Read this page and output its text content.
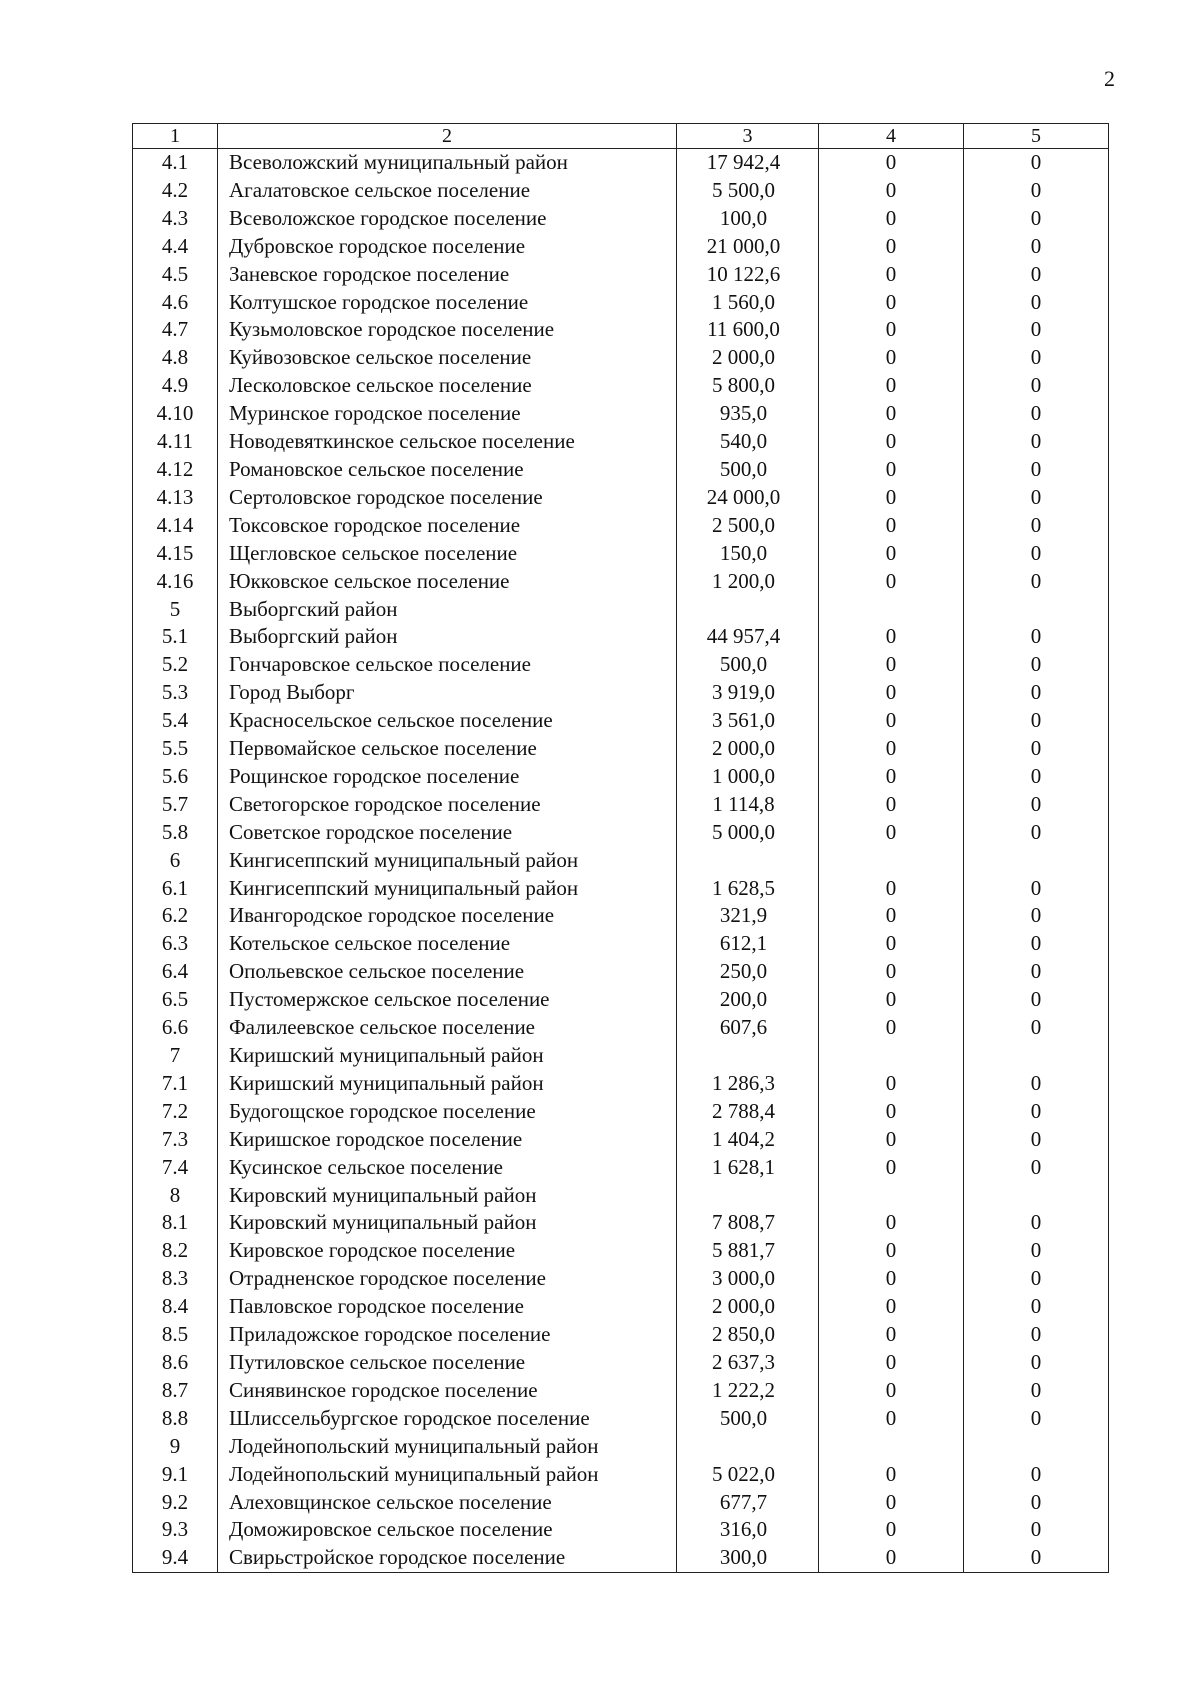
2
1	2	3	4	5
4.1	Всеволожский муниципальный район	17 942,4	0	0
4.2	Агалатовское сельское поселение	5 500,0	0	0
4.3	Всеволожское городское поселение	100,0	0	0
4.4	Дубровское городское поселение	21 000,0	0	0
4.5	Заневское городское поселение	10 122,6	0	0
4.6	Колтушское городское поселение	1 560,0	0	0
4.7	Кузьмоловское городское поселение	11 600,0	0	0
4.8	Куйвозовское сельское поселение	2 000,0	0	0
4.9	Лесколовское сельское поселение	5 800,0	0	0
4.10	Муринское городское поселение	935,0	0	0
4.11	Новодевяткинское сельское поселение	540,0	0	0
4.12	Романовское сельское поселение	500,0	0	0
4.13	Сертоловское городское поселение	24 000,0	0	0
4.14	Токсовское городское поселение	2 500,0	0	0
4.15	Щегловское сельское поселение	150,0	0	0
4.16	Юкковское сельское поселение	1 200,0	0	0
5	Выборгский район			
5.1	Выборгский район	44 957,4	0	0
5.2	Гончаровское сельское поселение	500,0	0	0
5.3	Город Выборг	3 919,0	0	0
5.4	Красносельское сельское поселение	3 561,0	0	0
5.5	Первомайское сельское поселение	2 000,0	0	0
5.6	Рощинское городское поселение	1 000,0	0	0
5.7	Светогорское городское поселение	1 114,8	0	0
5.8	Советское городское поселение	5 000,0	0	0
6	Кингисеппский муниципальный район			
6.1	Кингисеппский муниципальный район	1 628,5	0	0
6.2	Ивангородское городское поселение	321,9	0	0
6.3	Котельское сельское поселение	612,1	0	0
6.4	Опольевское сельское поселение	250,0	0	0
6.5	Пустомержское сельское поселение	200,0	0	0
6.6	Фалилеевское сельское поселение	607,6	0	0
7	Киришский муниципальный район			
7.1	Киришский муниципальный район	1 286,3	0	0
7.2	Будогощское городское поселение	2 788,4	0	0
7.3	Киришское городское поселение	1 404,2	0	0
7.4	Кусинское сельское поселение	1 628,1	0	0
8	Кировский муниципальный район			
8.1	Кировский муниципальный район	7 808,7	0	0
8.2	Кировское городское поселение	5 881,7	0	0
8.3	Отрадненское городское поселение	3 000,0	0	0
8.4	Павловское городское поселение	2 000,0	0	0
8.5	Приладожское городское поселение	2 850,0	0	0
8.6	Путиловское сельское поселение	2 637,3	0	0
8.7	Синявинское городское поселение	1 222,2	0	0
8.8	Шлиссельбургское городское поселение	500,0	0	0
9	Лодейнопольский муниципальный район			
9.1	Лодейнопольский муниципальный район	5 022,0	0	0
9.2	Алеховщинское сельское поселение	677,7	0	0
9.3	Доможировское сельское поселение	316,0	0	0
9.4	Свирьстройское городское поселение	300,0	0	0
